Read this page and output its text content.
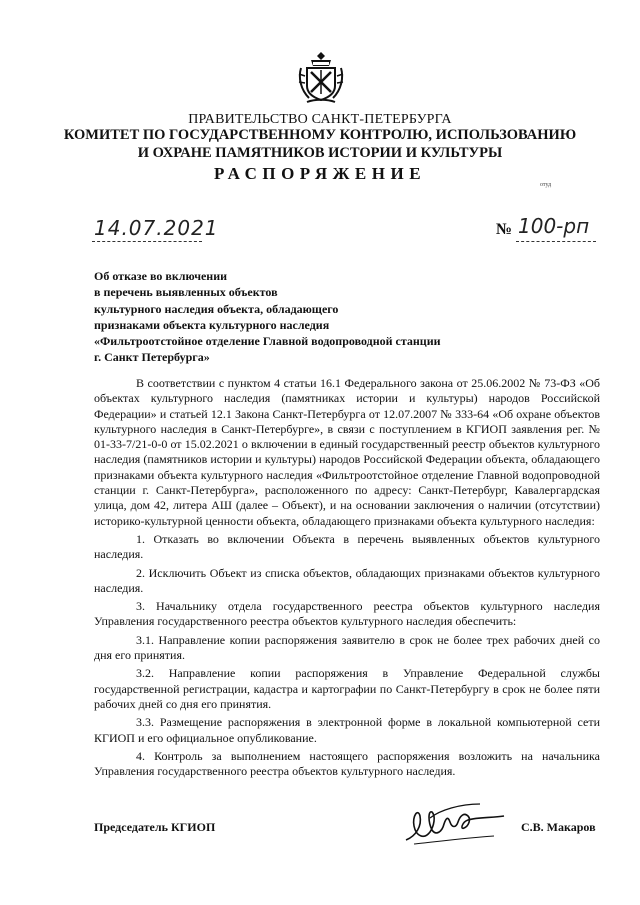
ПРАВИТЕЛЬСТВО САНКТ-ПЕТЕРБУРГА
КОМИТЕТ ПО ГОСУДАРСТВЕННОМУ КОНТРОЛЮ, ИСПОЛЬЗОВАНИЮ
И ОХРАНЕ ПАМЯТНИКОВ ИСТОРИИ И КУЛЬТУРЫ
РАСПОРЯЖЕНИЕ
отуд
14.07.2021	№ 100-рп
Об отказе во включении
в перечень выявленных объектов
культурного наследия объекта, обладающего
признаками объекта культурного наследия
«Фильтроотстойное отделение Главной водопроводной станции
г. Санкт Петербурга»

В соответствии с пунктом 4 статьи 16.1 Федерального закона от 25.06.2002 № 73-ФЗ «Об объектах культурного наследия (памятниках истории и культуры) народов Российской Федерации» и статьей 12.1 Закона Санкт-Петербурга от 12.07.2007 № 333-64 «Об охране объектов культурного наследия в Санкт-Петербурге», в связи с поступлением в КГИОП заявления рег. № 01-33-7/21-0-0 от 15.02.2021 о включении в единый государственный реестр объектов культурного наследия (памятников истории и культуры) народов Российской Федерации объекта, обладающего признаками объекта культурного наследия «Фильтроотстойное отделение Главной водопроводной станции г. Санкт-Петербурга», расположенного по адресу: Санкт-Петербург, Кавалергардская улица, дом 42, литера АШ (далее – Объект), и на основании заключения о наличии (отсутствии) историко-культурной ценности объекта, обладающего признаками объекта культурного наследия:

1. Отказать во включении Объекта в перечень выявленных объектов культурного наследия.

2. Исключить Объект из списка объектов, обладающих признаками объектов культурного наследия.

3. Начальнику отдела государственного реестра объектов культурного наследия Управления государственного реестра объектов культурного наследия обеспечить:

3.1. Направление копии распоряжения заявителю в срок не более трех рабочих дней со дня его принятия.

3.2. Направление копии распоряжения в Управление Федеральной службы государственной регистрации, кадастра и картографии по Санкт-Петербургу в срок не более пяти рабочих дней со дня его принятия.

3.3. Размещение распоряжения в электронной форме в локальной компьютерной сети КГИОП и его официальное опубликование.

4. Контроль за выполнением настоящего распоряжения возложить на начальника Управления государственного реестра объектов культурного наследия.

Председатель КГИОП	С.В. Макаров
